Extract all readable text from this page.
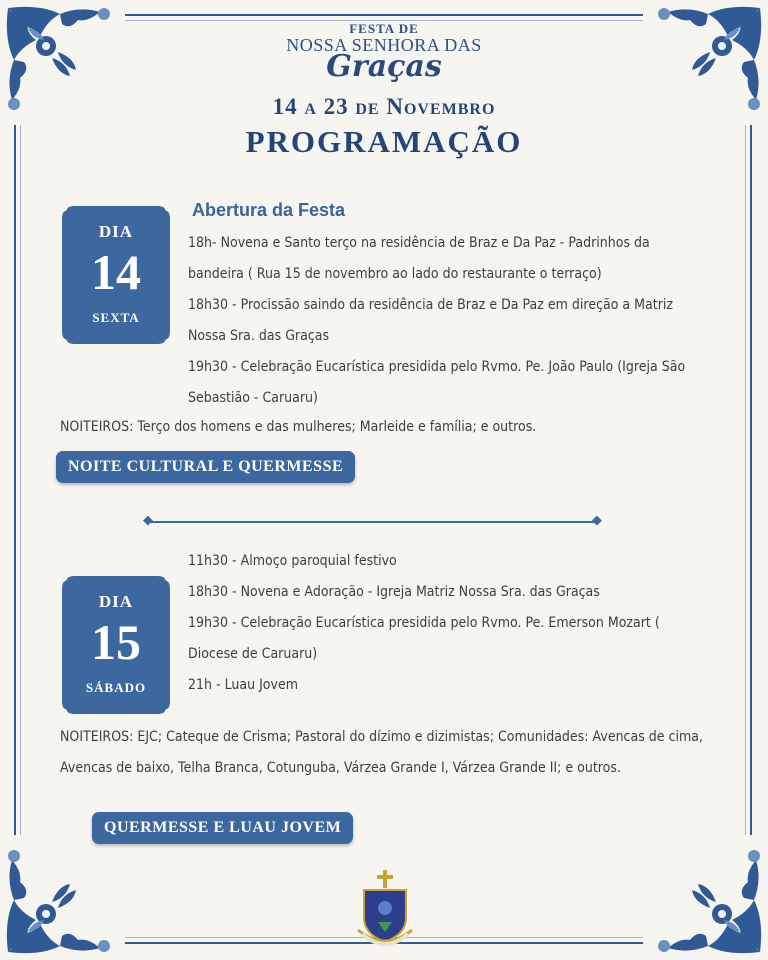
FESTA DE
NOSSA SENHORA DAS
Graças
14 a 23 de Novembro
PROGRAMAÇÃO
DIA
14
SEXTA
Abertura da Festa
18h- Novena e Santo terço na residência de Braz e Da Paz - Padrinhos da
bandeira ( Rua 15 de novembro ao lado do restaurante o terraço)
18h30 - Procissão saindo da residência de Braz e Da Paz em direção a Matriz
Nossa Sra. das Graças
19h30 - Celebração Eucarística presidida pelo Rvmo. Pe. João Paulo (Igreja São
Sebastião - Caruaru)
NOITEIROS: Terço dos homens e das mulheres; Marleide e família; e outros.
NOITE CULTURAL E QUERMESSE
DIA
15
SÁBADO
11h30 - Almoço paroquial festivo
18h30 - Novena e Adoração - Igreja Matriz Nossa Sra. das Graças
19h30 - Celebração Eucarística presidida pelo Rvmo. Pe. Emerson Mozart (
Diocese de Caruaru)
21h - Luau Jovem
NOITEIROS: EJC; Cateque de Crisma; Pastoral do dízimo e dizimistas; Comunidades: Avencas de cima,
Avencas de baixo, Telha Branca, Cotunguba, Várzea Grande I, Várzea Grande II; e outros.
QUERMESSE E LUAU JOVEM
